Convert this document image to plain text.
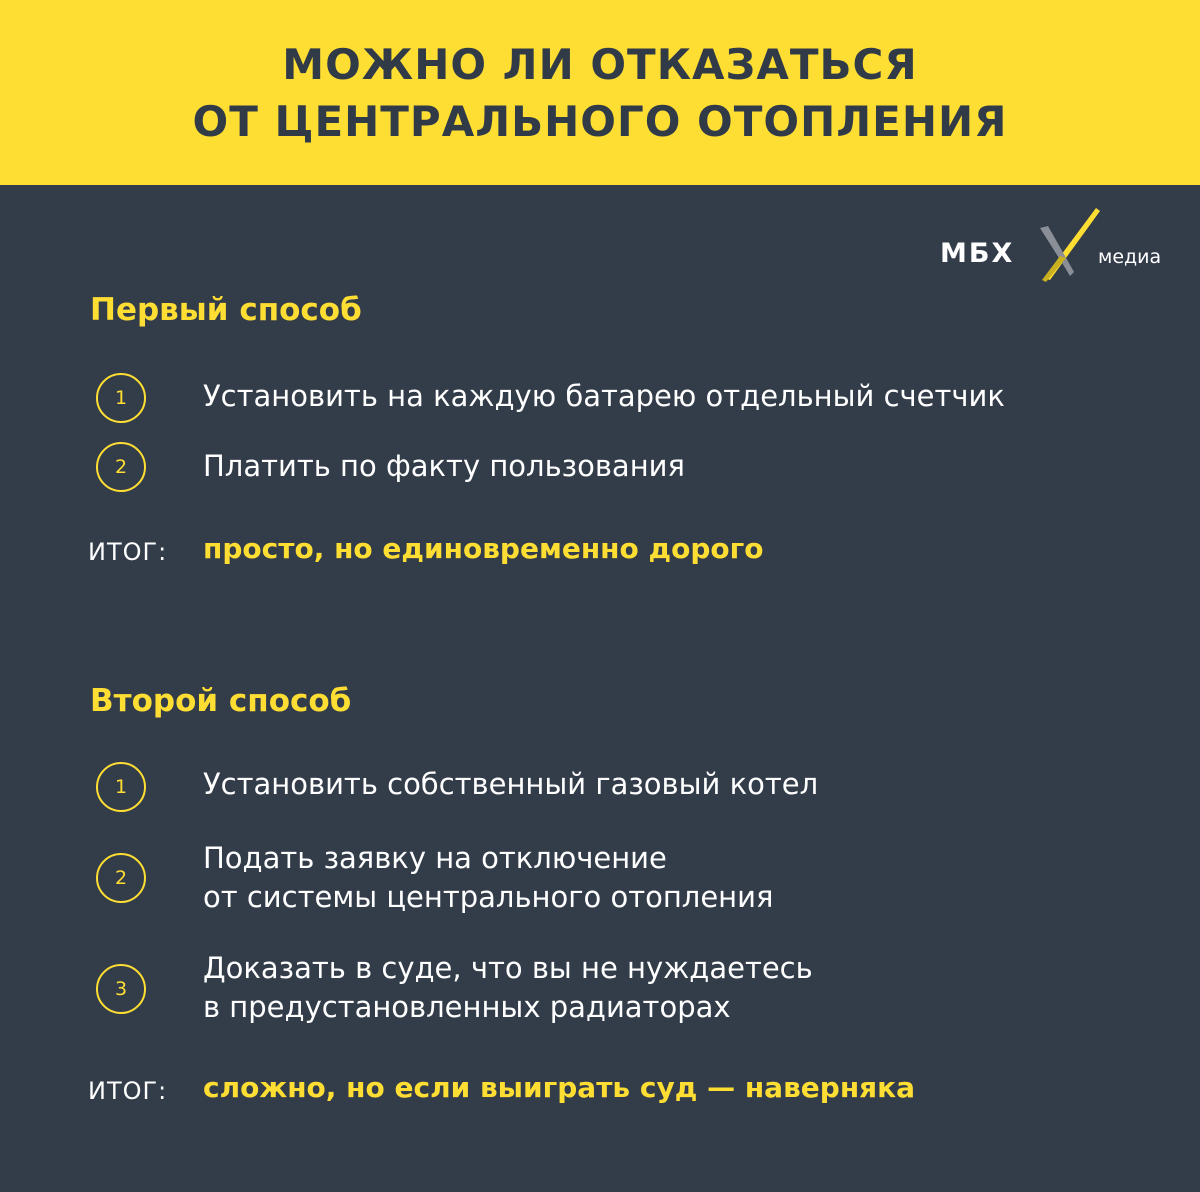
МОЖНО ЛИ ОТКАЗАТЬСЯ
ОТ ЦЕНТРАЛЬНОГО ОТОПЛЕНИЯ
МБХ	медиа
Первый способ
1	Установить на каждую батарею отдельный счетчик
2	Платить по факту пользования
ИТОГ: просто, но единовременно дорого
Второй способ
1	Установить собственный газовый котел
2
Подать заявку на отключение
от системы центрального отопления
3
Доказать в суде, что вы не нуждаетесь
в предустановленных радиаторах
ИТОГ: сложно, но если выиграть суд — наверняка
